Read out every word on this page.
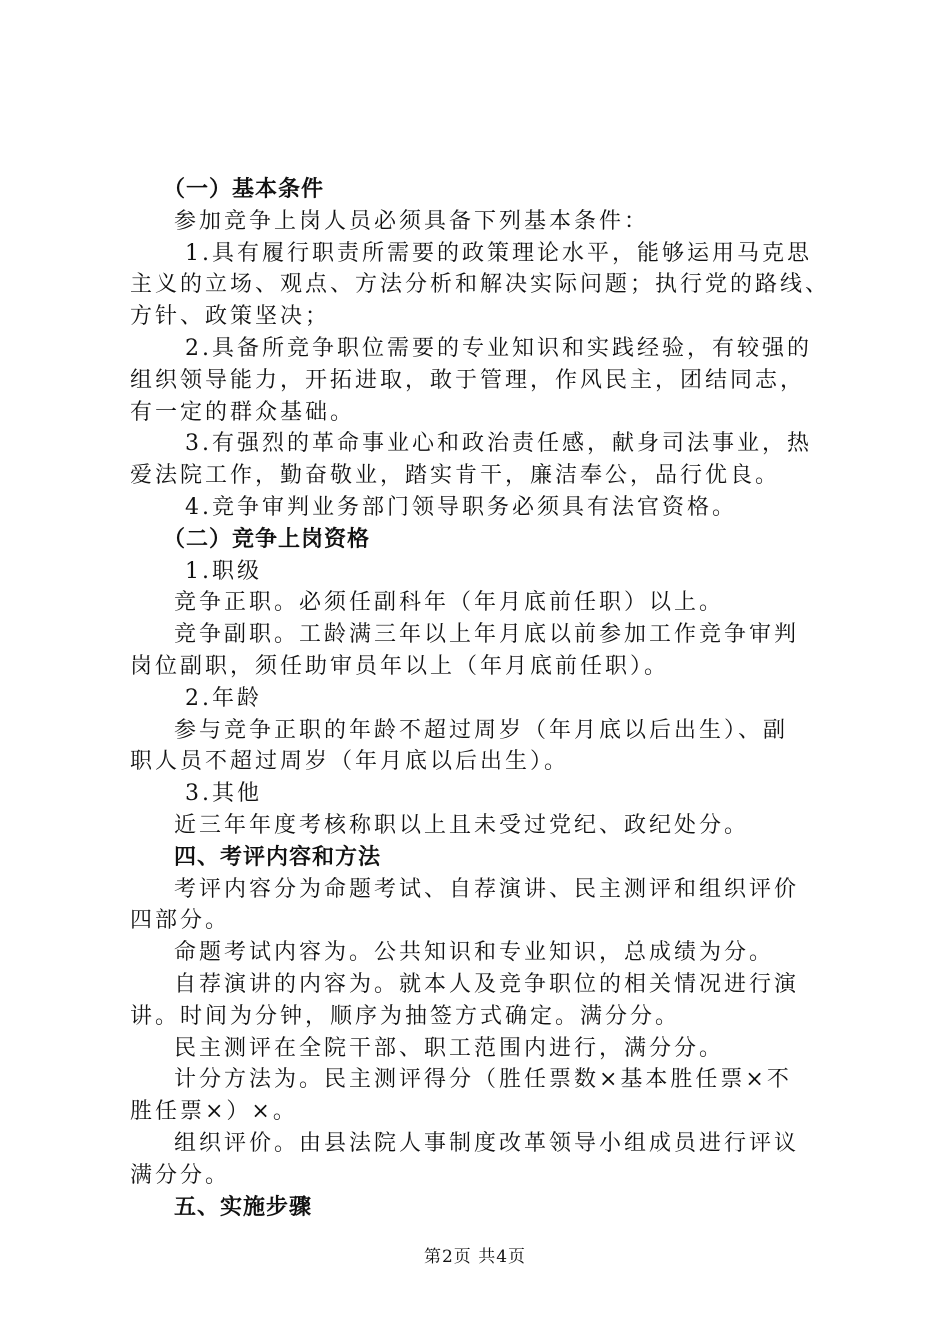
（一）基本条件
参加竞争上岗人员必须具备下列基本条件：
1.具有履行职责所需要的政策理论水平，能够运用马克思
主义的立场、观点、方法分析和解决实际问题；执行党的路线、
方针、政策坚决；
2.具备所竞争职位需要的专业知识和实践经验，有较强的
组织领导能力，开拓进取，敢于管理，作风民主，团结同志，
有一定的群众基础。
3.有强烈的革命事业心和政治责任感，献身司法事业，热
爱法院工作，勤奋敬业，踏实肯干，廉洁奉公，品行优良。
4.竞争审判业务部门领导职务必须具有法官资格。
（二）竞争上岗资格
1.职级
竞争正职。必须任副科年（年月底前任职）以上。
竞争副职。工龄满三年以上年月底以前参加工作竞争审判
岗位副职，须任助审员年以上（年月底前任职）。
2.年龄
参与竞争正职的年龄不超过周岁（年月底以后出生）、副
职人员不超过周岁（年月底以后出生）。
3.其他
近三年年度考核称职以上且未受过党纪、政纪处分。
四、考评内容和方法
考评内容分为命题考试、自荐演讲、民主测评和组织评价
四部分。
命题考试内容为。公共知识和专业知识，总成绩为分。
自荐演讲的内容为。就本人及竞争职位的相关情况进行演
讲。时间为分钟，顺序为抽签方式确定。满分分。
民主测评在全院干部、职工范围内进行，满分分。
计分方法为。民主测评得分（胜任票数×基本胜任票×不
胜任票×）×。
组织评价。由县法院人事制度改革领导小组成员进行评议
满分分。
五、实施步骤
第2页 共4页
